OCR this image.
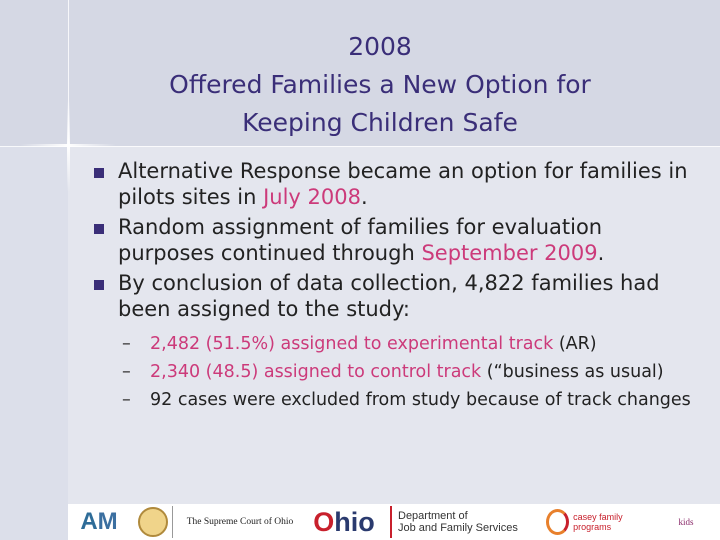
2008
Offered Families a New Option for
Keeping Children Safe
Alternative Response became an option for families in pilots sites in July 2008.
Random assignment of families for evaluation purposes continued through September 2009.
By conclusion of data collection, 4,822 families had been assigned to the study:
– 2,482 (51.5%) assigned to experimental track (AR)
– 2,340 (48.5) assigned to control track (“business as usual)
– 92 cases were excluded from study because of track changes
A M	The Supreme Court of Ohio O hio Department of
Job and Family Services
casey family programs	kids
